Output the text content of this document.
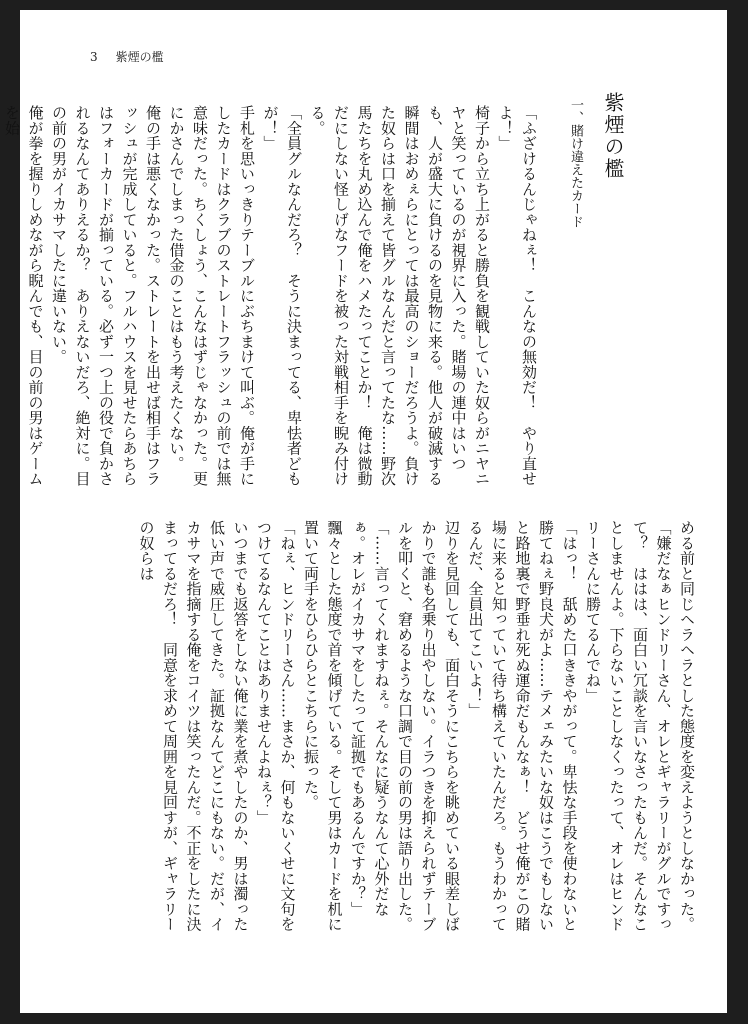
3 紫煙の檻
紫煙の檻
一、賭け違えたカード

「ふざけるんじゃねぇ！　こんなの無効だ！　やり直せよ！」

椅子から立ち上がると勝負を観戦していた奴らがニヤニヤと笑っているのが視界に入った。賭場の連中はいつも、人が盛大に負けるのを見物に来る。他人が破滅する瞬間はおめぇらにとっては最高のショーだろうよ。負けた奴らは口を揃えて皆グルなんだと言ってたな……野次馬たちを丸め込んで俺をハメたってことか！　俺は微動だにしない怪しげなフードを被った対戦相手を睨み付ける。

「全員グルなんだろ？　そうに決まってる、卑怯者どもが！」

手札を思いっきりテーブルにぶちまけて叫ぶ。俺が手にしたカードはクラブのストレートフラッシュの前では無意味だった。ちくしょう、こんなはずじゃなかった。更にかさんでしまった借金のことはもう考えたくない。

俺の手は悪くなかった。ストレートを出せば相手はフラッシュが完成していると。フルハウスを見せたらあちらはフォーカードが揃っている。必ず一つ上の役で負かされるなんてありえるか？　ありえないだろ、絶対に。目の前の男がイカサマしたに違いない。

俺が拳を握りしめながら睨んでも、目の前の男はゲームを始

める前と同じヘラヘラとした態度を変えようとしなかった。

「嫌だなぁヒンドリーさん、オレとギャラリーがグルですって？　ははは、面白い冗談を言いなさったもんだ。そんなことしませんよ。下らないことしなくったって、オレはヒンドリーさんに勝てるんでね」

「はっ！　舐めた口ききやがって。卑怯な手段を使わないと勝てねぇ野良犬がよ……テメェみたいな奴はこうでもしないと路地裏で野垂れ死ぬ運命だもんなぁ！　どうせ俺がこの賭場に来ると知っていて待ち構えていたんだろ。もうわかってるんだ、全員出てこいよ！」

辺りを見回しても、面白そうにこちらを眺めている眼差しばかりで誰も名乗り出やしない。イラつきを抑えられずテーブルを叩くと、窘めるような口調で目の前の男は語り出した。

「……言ってくれますねぇ。そんなに疑うなんて心外だなぁ。オレがイカサマをしたって証拠でもあるんですか？」

飄々とした態度で首を傾げている。そして男はカードを机に置いて両手をひらひらとこちらに振った。

「ねぇ、ヒンドリーさん……まさか、何もないくせに文句をつけてるなんてことはありませんよねぇ？」

いつまでも返答をしない俺に業を煮やしたのか、男は濁った低い声で威圧してきた。証拠なんてどこにもない。だが、イカサマを指摘する俺をコイツは笑ったんだ。不正をしたに決まってるだろ！　同意を求めて周囲を見回すが、ギャラリーの奴らは
